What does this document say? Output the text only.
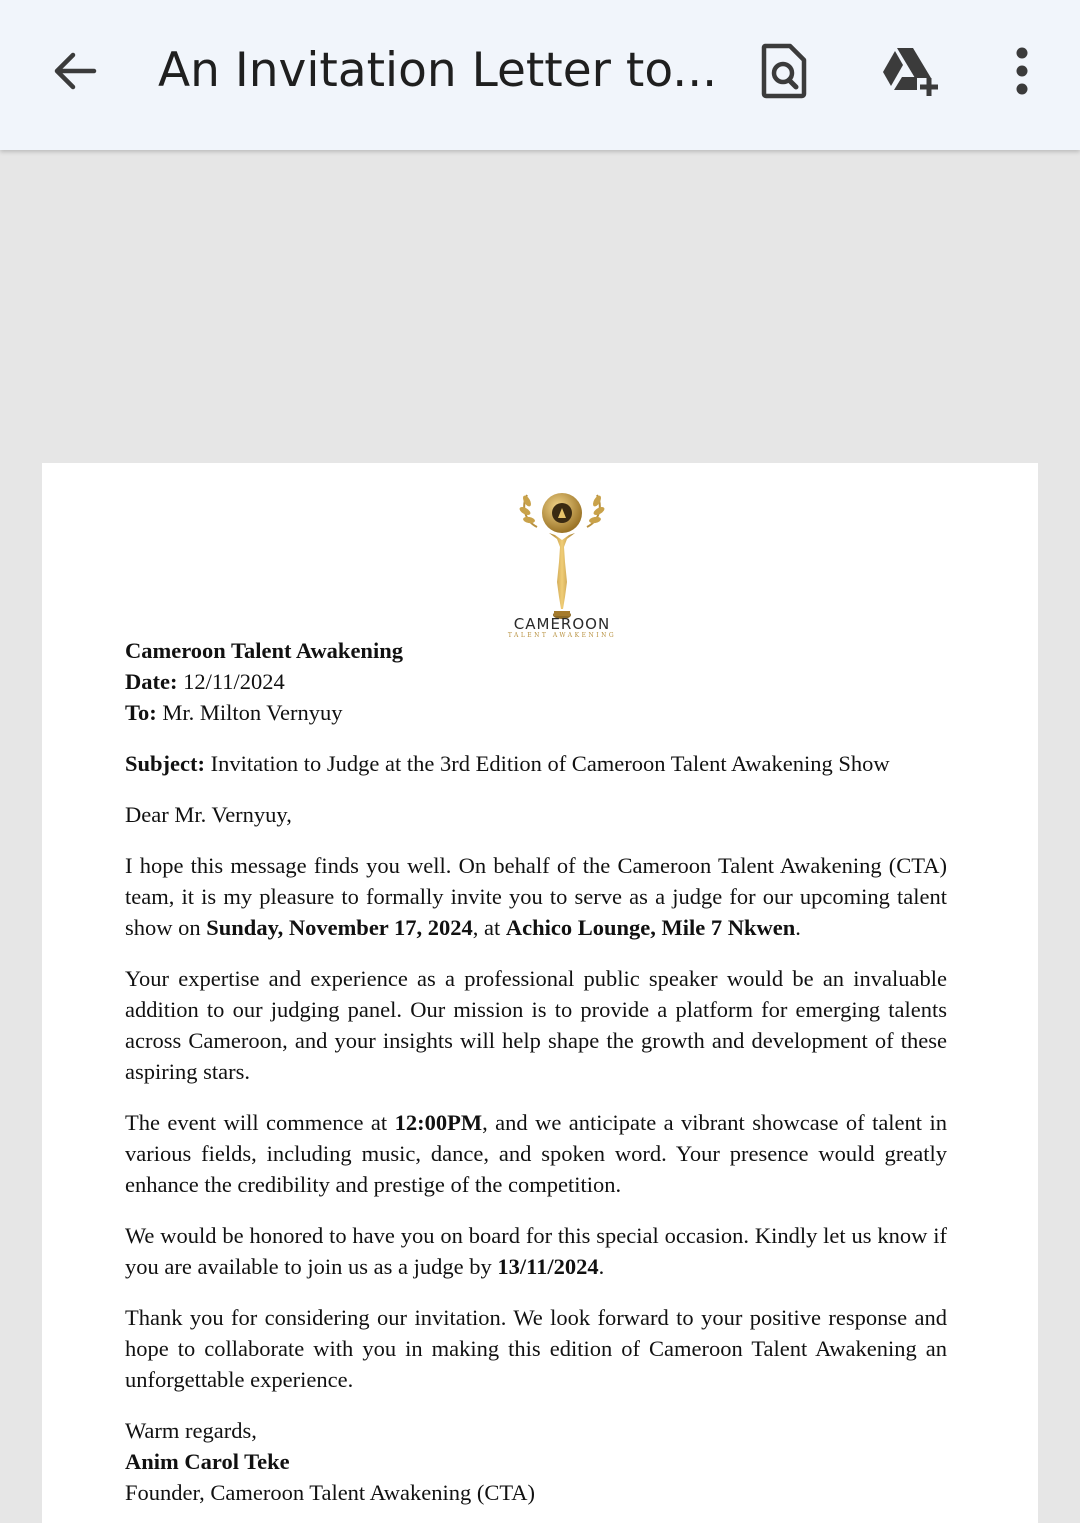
An Invitation Letter to...
CAMEROON
TALENT AWAKENING

Cameroon Talent Awakening

Date: 12/11/2024

To: Mr. Milton Vernyuy

Subject: Invitation to Judge at the 3rd Edition of Cameroon Talent Awakening Show

Dear Mr. Vernyuy,

I hope this message finds you well. On behalf of the Cameroon Talent Awakening (CTA) team, it is my pleasure to formally invite you to serve as a judge for our upcoming talent show on Sunday, November 17, 2024, at Achico Lounge, Mile 7 Nkwen.

Your expertise and experience as a professional public speaker would be an invaluable addition to our judging panel. Our mission is to provide a platform for emerging talents across Cameroon, and your insights will help shape the growth and development of these aspiring stars.

The event will commence at 12:00PM, and we anticipate a vibrant showcase of talent in various fields, including music, dance, and spoken word. Your presence would greatly enhance the credibility and prestige of the competition.

We would be honored to have you on board for this special occasion. Kindly let us know if you are available to join us as a judge by 13/11/2024.

Thank you for considering our invitation. We look forward to your positive response and hope to collaborate with you in making this edition of Cameroon Talent Awakening an unforgettable experience.

Warm regards,

Anim Carol Teke

Founder, Cameroon Talent Awakening (CTA)
